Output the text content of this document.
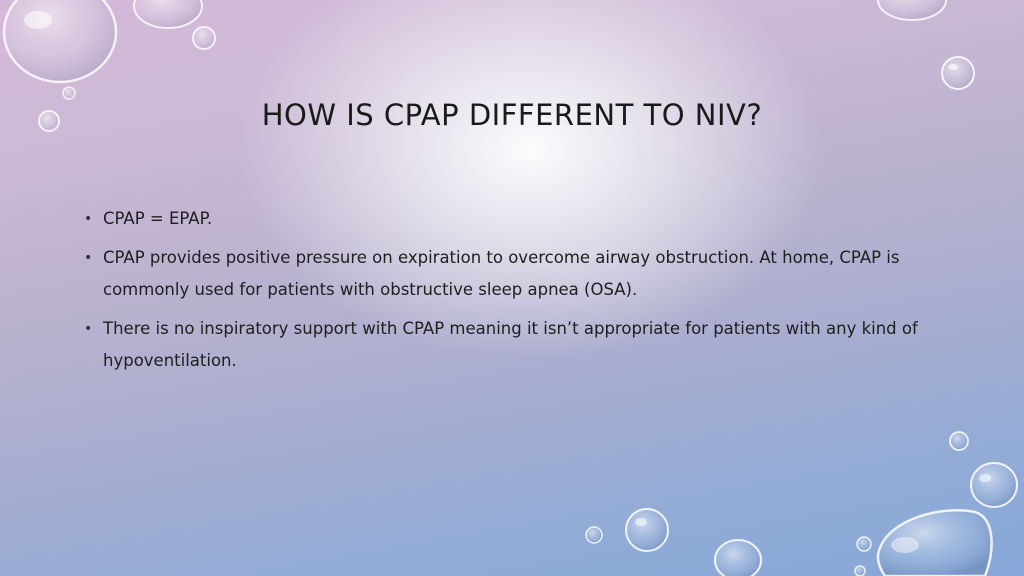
HOW IS CPAP DIFFERENT TO NIV?
• CPAP = EPAP.
• CPAP provides positive pressure on expiration to overcome airway obstruction. At home, CPAP is commonly used for patients with obstructive sleep apnea (OSA).
• There is no inspiratory support with CPAP meaning it isn’t appropriate for patients with any kind of hypoventilation.
